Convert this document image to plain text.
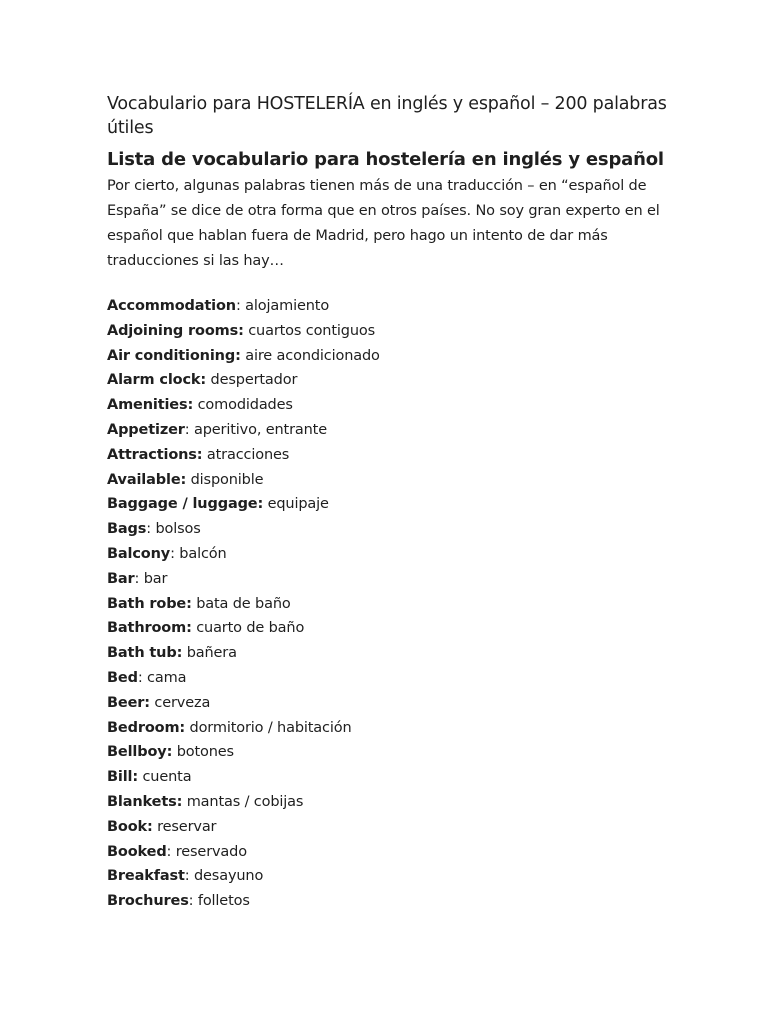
Vocabulario para HOSTELERÍA en inglés y español – 200 palabras útiles
Lista de vocabulario para hostelería en inglés y español

Por cierto, algunas palabras tienen más de una traducción – en “español de España” se dice de otra forma que en otros países. No soy gran experto en el español que hablan fuera de Madrid, pero hago un intento de dar más traducciones si las hay…

Accommodation: alojamiento
Adjoining rooms: cuartos contiguos
Air conditioning: aire acondicionado
Alarm clock: despertador
Amenities: comodidades
Appetizer: aperitivo, entrante
Attractions: atracciones
Available: disponible
Baggage / luggage: equipaje
Bags: bolsos
Balcony: balcón
Bar: bar
Bath robe: bata de baño
Bathroom: cuarto de baño
Bath tub: bañera
Bed: cama
Beer: cerveza
Bedroom: dormitorio / habitación
Bellboy: botones
Bill: cuenta
Blankets: mantas / cobijas
Book: reservar
Booked: reservado
Breakfast: desayuno
Brochures: folletos
